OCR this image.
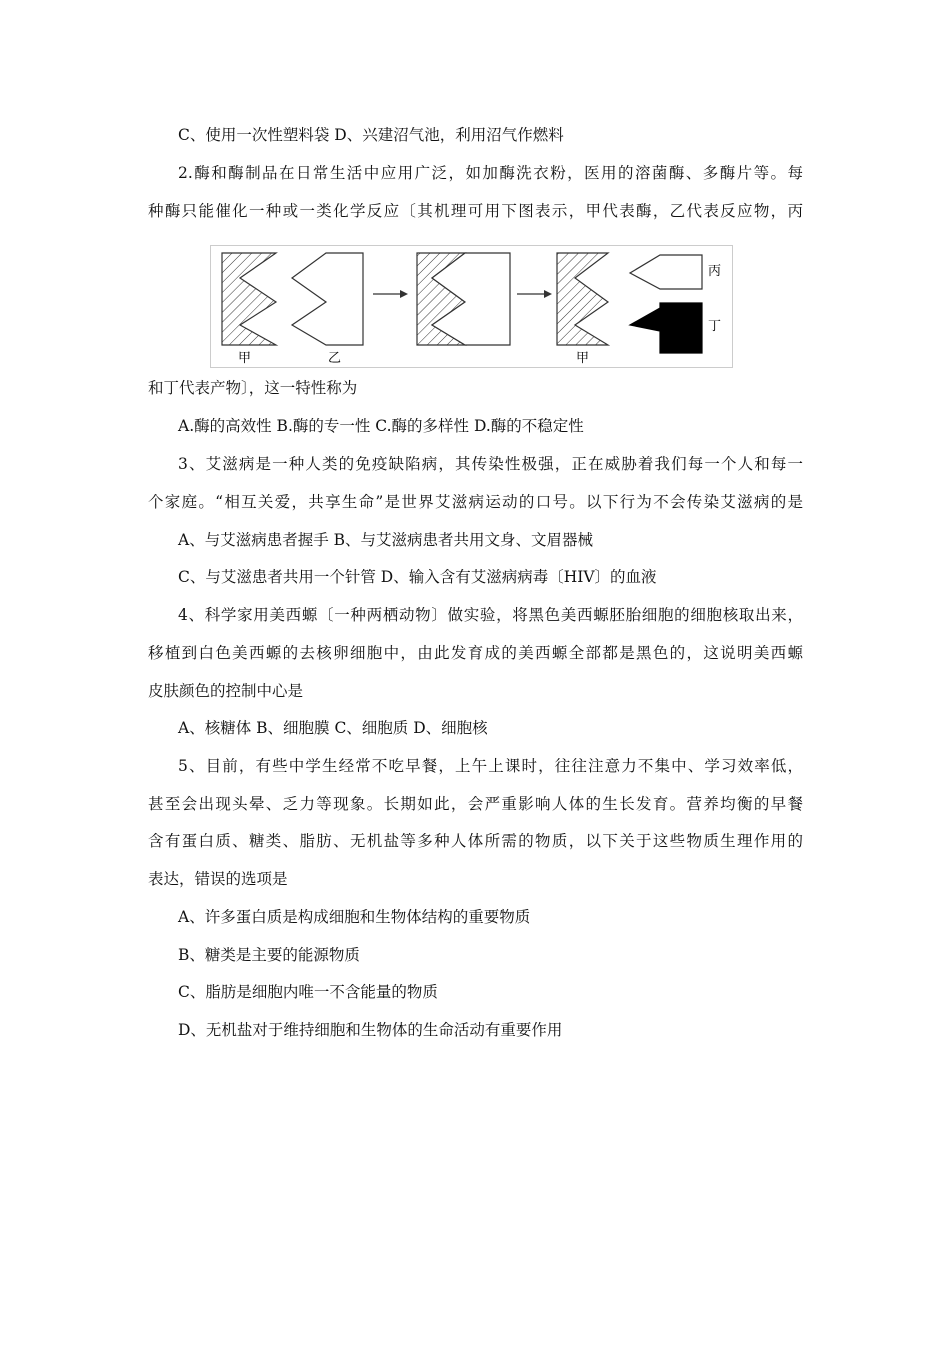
C、使用一次性塑料袋 D、兴建沼气池，利用沼气作燃料
2.酶和酶制品在日常生活中应用广泛，如加酶洗衣粉，医用的溶菌酶、多酶片等。每
种酶只能催化一种或一类化学反应〔其机理可用下图表示，甲代表酶，乙代表反应物，丙
甲	乙	甲
丙
丁
和丁代表产物〕，这一特性称为
A.酶的高效性 B.酶的专一性 C.酶的多样性 D.酶的不稳定性
3、艾滋病是一种人类的免疫缺陷病，其传染性极强，正在威胁着我们每一个人和每一
个家庭。“相互关爱，共享生命”是世界艾滋病运动的口号。以下行为不会传染艾滋病的是
A、与艾滋病患者握手 B、与艾滋病患者共用文身、文眉器械
C、与艾滋患者共用一个针管 D、输入含有艾滋病病毒〔HIV〕的血液
4、科学家用美西螈〔一种两栖动物〕做实验，将黑色美西螈胚胎细胞的细胞核取出来，
移植到白色美西螈的去核卵细胞中，由此发育成的美西螈全部都是黑色的，这说明美西螈
皮肤颜色的控制中心是
A、核糖体 B、细胞膜 C、细胞质 D、细胞核
5、目前，有些中学生经常不吃早餐，上午上课时，往往注意力不集中、学习效率低，
甚至会出现头晕、乏力等现象。长期如此，会严重影响人体的生长发育。营养均衡的早餐
含有蛋白质、糖类、脂肪、无机盐等多种人体所需的物质，以下关于这些物质生理作用的
表达，错误的选项是
A、许多蛋白质是构成细胞和生物体结构的重要物质
B、糖类是主要的能源物质
C、脂肪是细胞内唯一不含能量的物质
D、无机盐对于维持细胞和生物体的生命活动有重要作用
